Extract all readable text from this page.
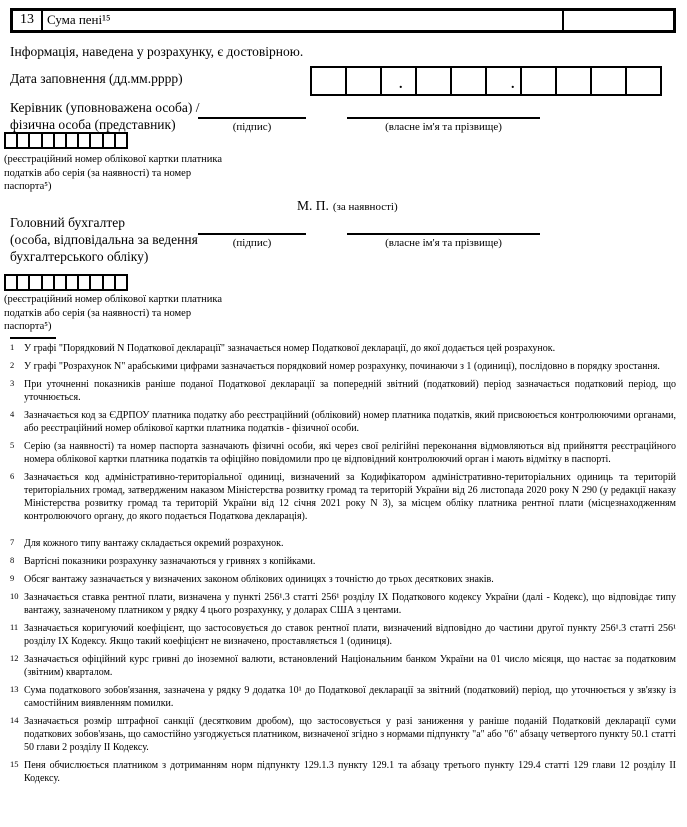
13	Сума пені¹⁵
Інформація, наведена у розрахунку, є достовірною.
Дата заповнення (дд.мм.рррр)	.	.
Керівник (уповноважена особа) /
фізична особа (представник)	(підпис)	(власне ім'я та прізвище)
(реєстраційний номер облікової картки платника
податків або серія (за наявності) та номер
паспорта⁵)
М. П. (за наявності)
Головний бухгалтер
(особа, відповідальна за ведення
бухгалтерського обліку)
(підпис)	(власне ім'я та прізвище)
(реєстраційний номер облікової картки платника
податків або серія (за наявності) та номер
паспорта⁵)
1 У графі "Порядковий N Податкової декларації" зазначається номер Податкової декларації, до якої додається цей розрахунок.
2 У графі "Розрахунок N" арабськими цифрами зазначається порядковий номер розрахунку, починаючи з 1 (одиниці), послідовно в порядку зростання.
3 При уточненні показників раніше поданої Податкової декларації за попередній звітний (податковий) період зазначається податковий період, що уточнюється.
4 Зазначається код за ЄДРПОУ платника податку або реєстраційний (обліковий) номер платника податків, який присвоюється контролюючими органами, або реєстраційний номер облікової картки платника податків - фізичної особи.
5 Серію (за наявності) та номер паспорта зазначають фізичні особи, які через свої релігійні переконання відмовляються від прийняття реєстраційного номера облікової картки платника податків та офіційно повідомили про це відповідний контролюючий орган і мають відмітку в паспорті.
6 Зазначається код адміністративно-територіальної одиниці, визначений за Кодифікатором адміністративно-територіальних одиниць та територій територіальних громад, затвердженим наказом Міністерства розвитку громад та територій України від 26 листопада 2020 року N 290 (у редакції наказу Міністерства розвитку громад та територій України від 12 січня 2021 року N 3), за місцем обліку платника рентної плати (місцезнаходженням контролюючого органу, до якого подається Податкова декларація).
7 Для кожного типу вантажу складається окремий розрахунок.
8 Вартісні показники розрахунку зазначаються у гривнях з копійками.
9 Обсяг вантажу зазначається у визначених законом облікових одиницях з точністю до трьох десяткових знаків.
10 Зазначається ставка рентної плати, визначена у пункті 256¹.3 статті 256¹ розділу IX Податкового кодексу України (далі - Кодекс), що відповідає типу вантажу, зазначеному платником у рядку 4 цього розрахунку, у доларах США з центами.
11 Зазначається коригуючий коефіцієнт, що застосовується до ставок рентної плати, визначений відповідно до частини другої пункту 256¹.3 статті 256¹ розділу IX Кодексу. Якщо такий коефіцієнт не визначено, проставляється 1 (одиниця).
12 Зазначається офіційний курс гривні до іноземної валюти, встановлений Національним банком України на 01 число місяця, що настає за податковим (звітним) кварталом.
13 Сума податкового зобов'язання, зазначена у рядку 9 додатка 10¹ до Податкової декларації за звітний (податковий) період, що уточнюється у зв'язку із самостійним виявленням помилки.
14 Зазначається розмір штрафної санкції (десятковим дробом), що застосовується у разі заниження у раніше поданій Податковій декларації суми податкових зобов'язань, що самостійно узгоджується платником, визначеної згідно з нормами підпункту "а" або "б" абзацу четвертого пункту 50.1 статті 50 глави 2 розділу II Кодексу.
15 Пеня обчислюється платником з дотриманням норм підпункту 129.1.3 пункту 129.1 та абзацу третього пункту 129.4 статті 129 глави 12 розділу II Кодексу.
